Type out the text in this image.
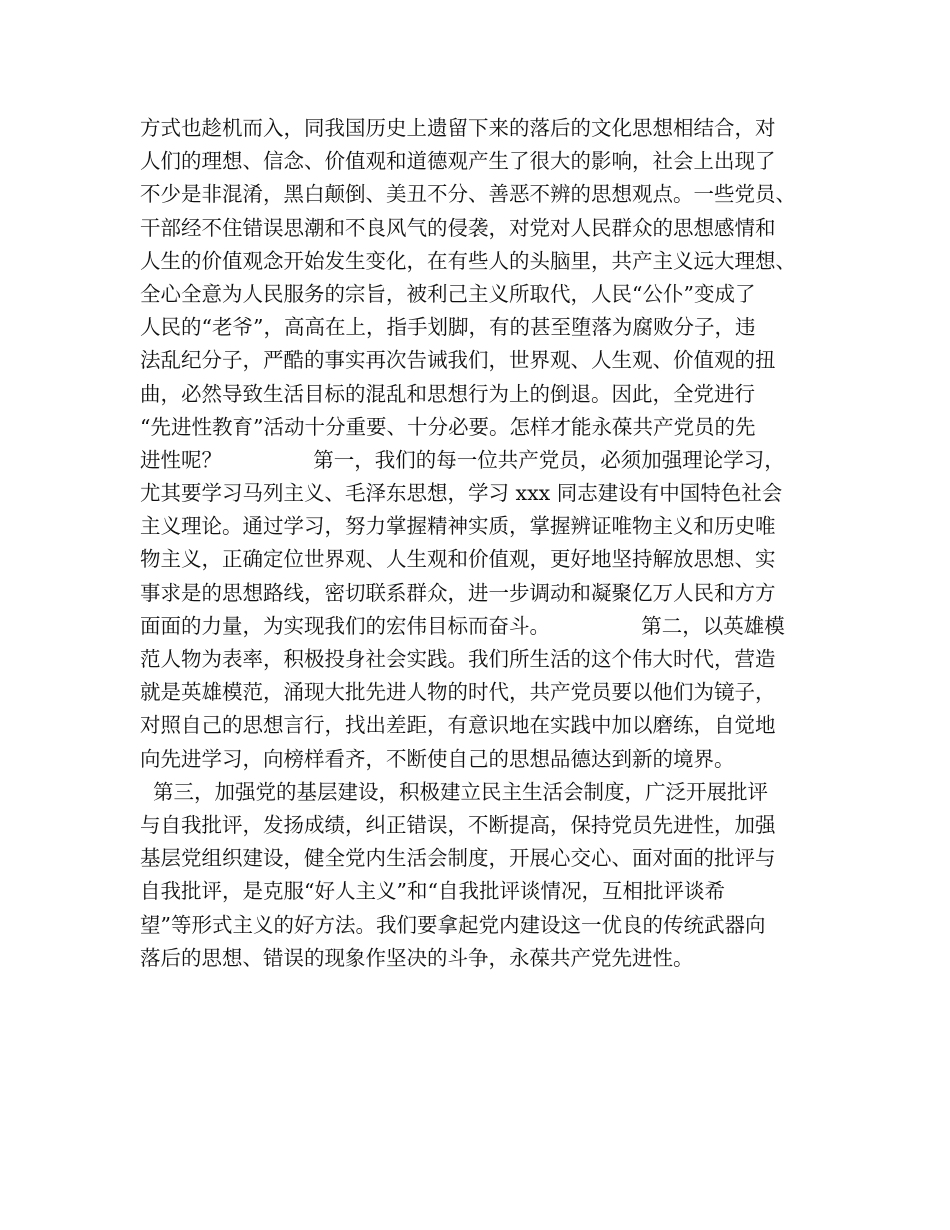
方式也趁机而入，同我国历史上遗留下来的落后的文化思想相结合，对
人们的理想、信念、价值观和道德观产生了很大的影响，社会上出现了
不少是非混淆，黑白颠倒、美丑不分、善恶不辨的思想观点。一些党员、
干部经不住错误思潮和不良风气的侵袭，对党对人民群众的思想感情和
人生的价值观念开始发生变化，在有些人的头脑里，共产主义远大理想、
全心全意为人民服务的宗旨，被利己主义所取代，人民“公仆”变成了
人民的“老爷”，高高在上，指手划脚，有的甚至堕落为腐败分子，违
法乱纪分子，严酷的事实再次告诫我们，世界观、人生观、价值观的扭
曲，必然导致生活目标的混乱和思想行为上的倒退。因此，全党进行
“先进性教育”活动十分重要、十分必要。怎样才能永葆共产党员的先
进性呢？              第一，我们的每一位共产党员，必须加强理论学习，
尤其要学习马列主义、毛泽东思想，学习 xxx 同志建设有中国特色社会
主义理论。通过学习，努力掌握精神实质，掌握辨证唯物主义和历史唯
物主义，正确定位世界观、人生观和价值观，更好地坚持解放思想、实
事求是的思想路线，密切联系群众，进一步调动和凝聚亿万人民和方方
面面的力量，为实现我们的宏伟目标而奋斗。              第二，以英雄模
范人物为表率，积极投身社会实践。我们所生活的这个伟大时代，营造
就是英雄模范，涌现大批先进人物的时代，共产党员要以他们为镜子，
对照自己的思想言行，找出差距，有意识地在实践中加以磨练，自觉地
向先进学习，向榜样看齐，不断使自己的思想品德达到新的境界。
第三，加强党的基层建设，积极建立民主生活会制度，广泛开展批评
与自我批评，发扬成绩，纠正错误，不断提高，保持党员先进性，加强
基层党组织建设，健全党内生活会制度，开展心交心、面对面的批评与
自我批评，是克服“好人主义”和“自我批评谈情况，互相批评谈希
望”等形式主义的好方法。我们要拿起党内建设这一优良的传统武器向
落后的思想、错误的现象作坚决的斗争，永葆共产党先进性。
